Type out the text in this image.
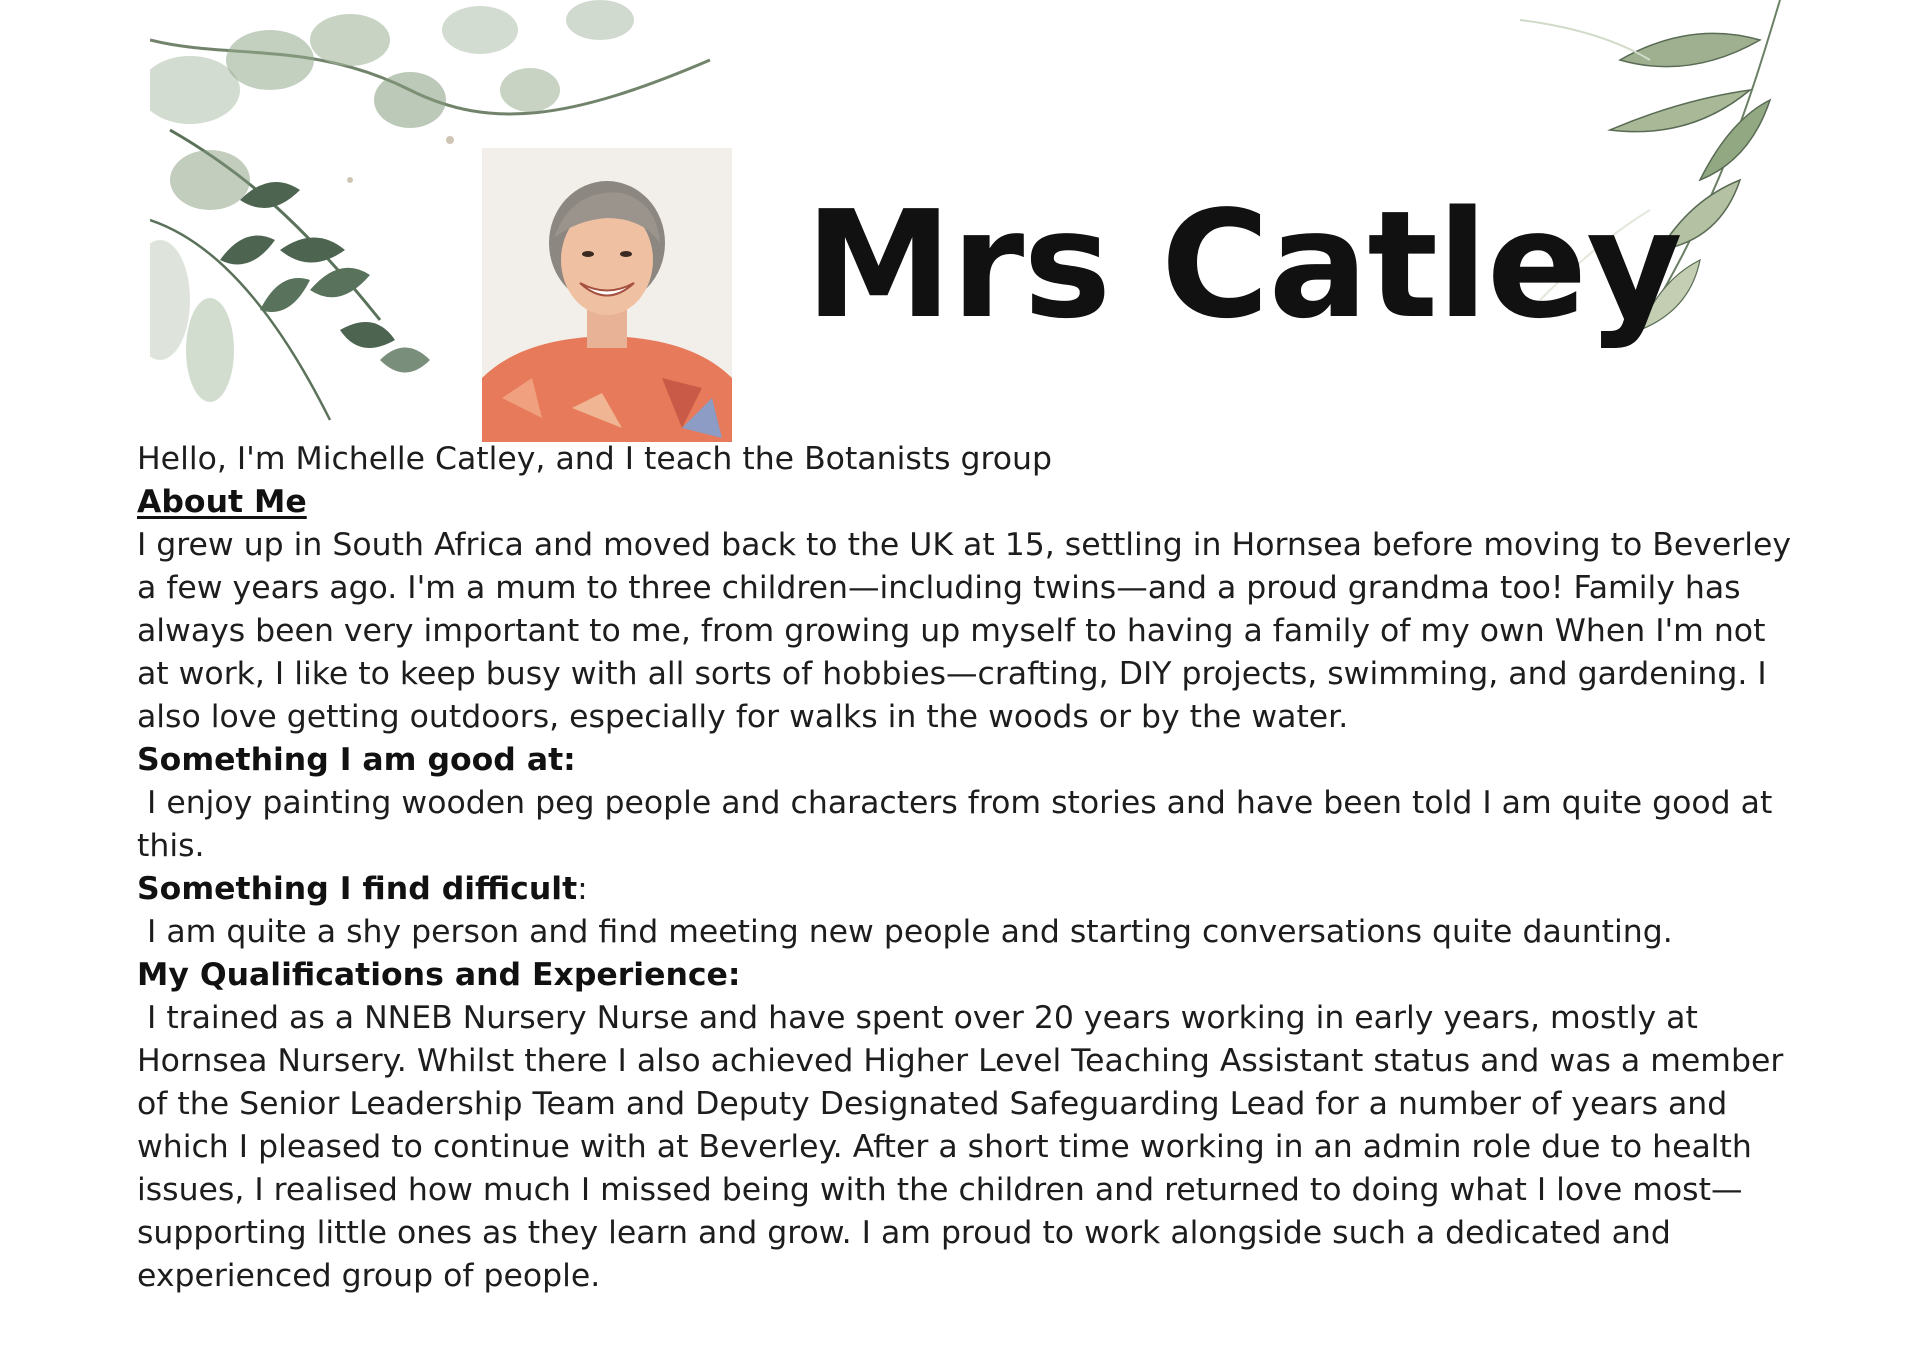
Mrs Catley

Hello, I'm Michelle Catley, and I teach the Botanists group

About Me

I grew up in South Africa and moved back to the UK at 15, settling in Hornsea before moving to Beverley a few years ago. I'm a mum to three children—including twins—and a proud grandma too! Family has always been very important to me, from growing up myself to having a family of my own When I'm not at work, I like to keep busy with all sorts of hobbies—crafting, DIY projects, swimming, and gardening. I also love getting outdoors, especially for walks in the woods or by the water.

Something I am good at:

I enjoy painting wooden peg people and characters from stories and have been told I am quite good at this.

Something I find difficult:

I am quite a shy person and find meeting new people and starting conversations quite daunting.

My Qualifications and Experience:

I trained as a NNEB Nursery Nurse and have spent over 20 years working in early years, mostly at Hornsea Nursery. Whilst there I also achieved Higher Level Teaching Assistant status and was a member of the Senior Leadership Team and Deputy Designated Safeguarding Lead for a number of years and which I pleased to continue with at Beverley. After a short time working in an admin role due to health issues, I realised how much I missed being with the children and returned to doing what I love most—supporting little ones as they learn and grow. I am proud to work alongside such a dedicated and experienced group of people.
